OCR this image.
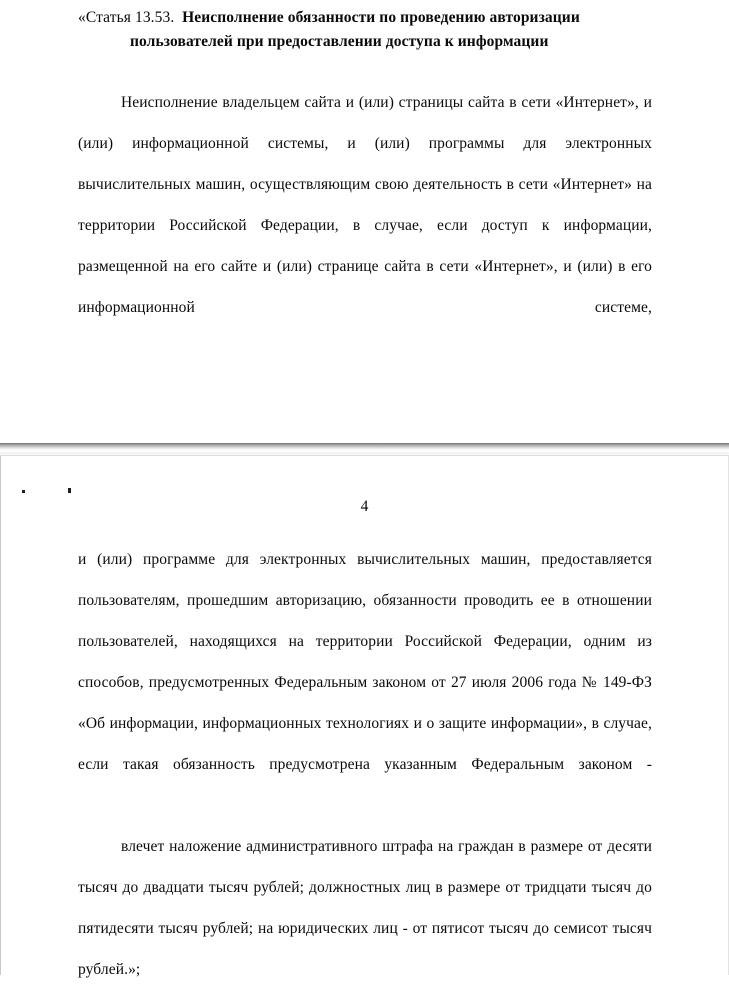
«Статья 13.53. Неисполнение обязанности по проведению авторизации пользователей при предоставлении доступа к информации

Неисполнение владельцем сайта и (или) страницы сайта в сети «Интернет», и (или) информационной системы, и (или) программы для электронных вычислительных машин, осуществляющим свою деятельность в сети «Интернет» на территории Российской Федерации, в случае, если доступ к информации, размещенной на его сайте и (или) странице сайта в сети «Интернет», и (или) в его информационной системе,

4

и (или) программе для электронных вычислительных машин, предоставляется пользователям, прошедшим авторизацию, обязанности проводить ее в отношении пользователей, находящихся на территории Российской Федерации, одним из способов, предусмотренных Федеральным законом от 27 июля 2006 года № 149-ФЗ «Об информации, информационных технологиях и о защите информации», в случае, если такая обязанность предусмотрена указанным Федеральным законом -

влечет наложение административного штрафа на граждан в размере от десяти тысяч до двадцати тысяч рублей; должностных лиц в размере от тридцати тысяч до пятидесяти тысяч рублей; на юридических лиц - от пятисот тысяч до семисот тысяч рублей.»;
